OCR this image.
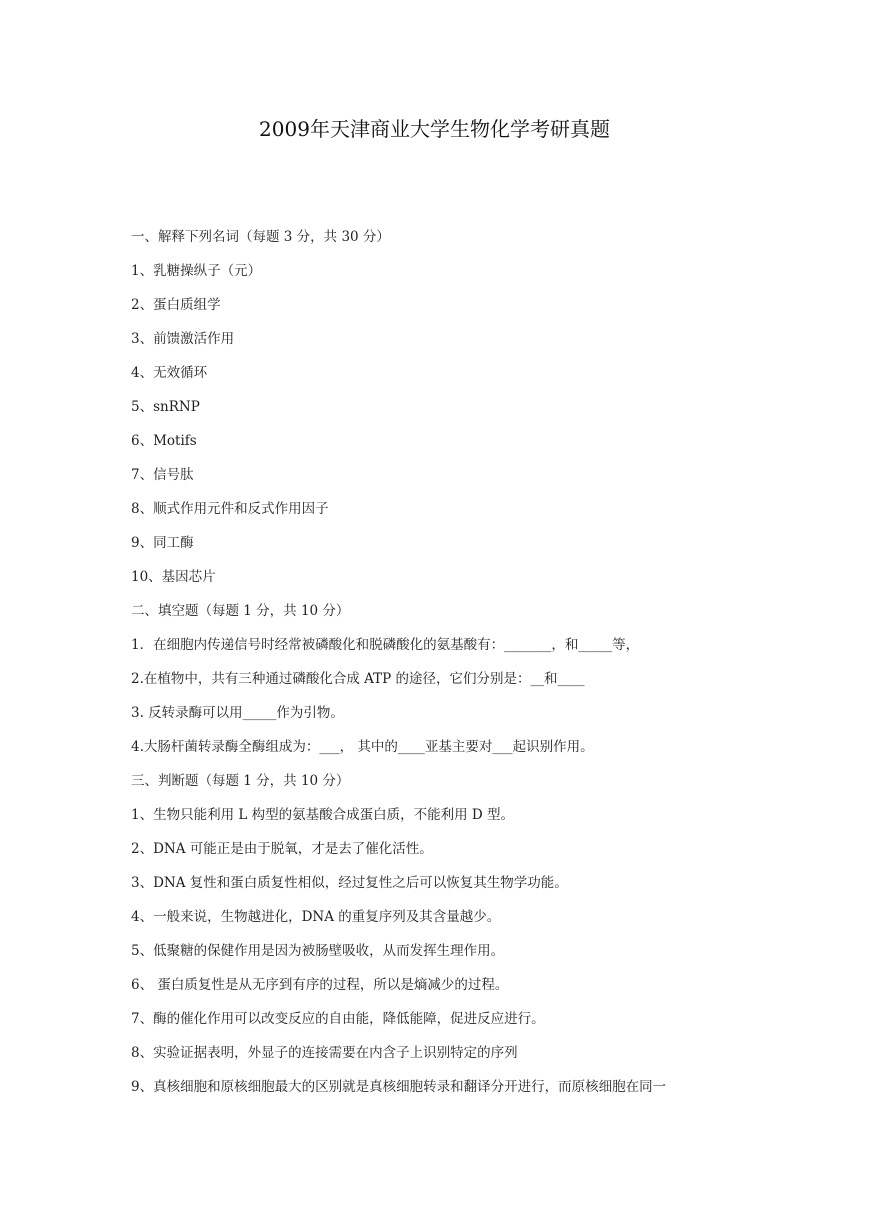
2009年天津商业大学生物化学考研真题
一、解释下列名词（每题 3 分，共 30 分）
1、乳糖操纵子（元）
2、蛋白质组学
3、前馈激活作用
4、无效循环
5、snRNP
6、Motifs
7、信号肽
8、顺式作用元件和反式作用因子
9、同工酶
10、基因芯片
二、填空题（每题 1 分，共 10 分）
1．在细胞内传递信号时经常被磷酸化和脱磷酸化的氨基酸有：_______，和_____等，
2.在植物中，共有三种通过磷酸化合成 ATP 的途径，它们分别是：__和____
3. 反转录酶可以用_____作为引物。
4.大肠杆菌转录酶全酶组成为：___， 其中的____亚基主要对___起识别作用。
三、判断题（每题 1 分，共 10 分）
1、生物只能利用 L 构型的氨基酸合成蛋白质，不能利用 D 型。
2、DNA 可能正是由于脱氧，才是去了催化活性。
3、DNA 复性和蛋白质复性相似，经过复性之后可以恢复其生物学功能。
4、一般来说，生物越进化，DNA 的重复序列及其含量越少。
5、低聚糖的保健作用是因为被肠壁吸收，从而发挥生理作用。
6、 蛋白质复性是从无序到有序的过程，所以是熵减少的过程。
7、酶的催化作用可以改变反应的自由能，降低能障，促进反应进行。
8、实验证据表明，外显子的连接需要在内含子上识别特定的序列
9、真核细胞和原核细胞最大的区别就是真核细胞转录和翻译分开进行，而原核细胞在同一
